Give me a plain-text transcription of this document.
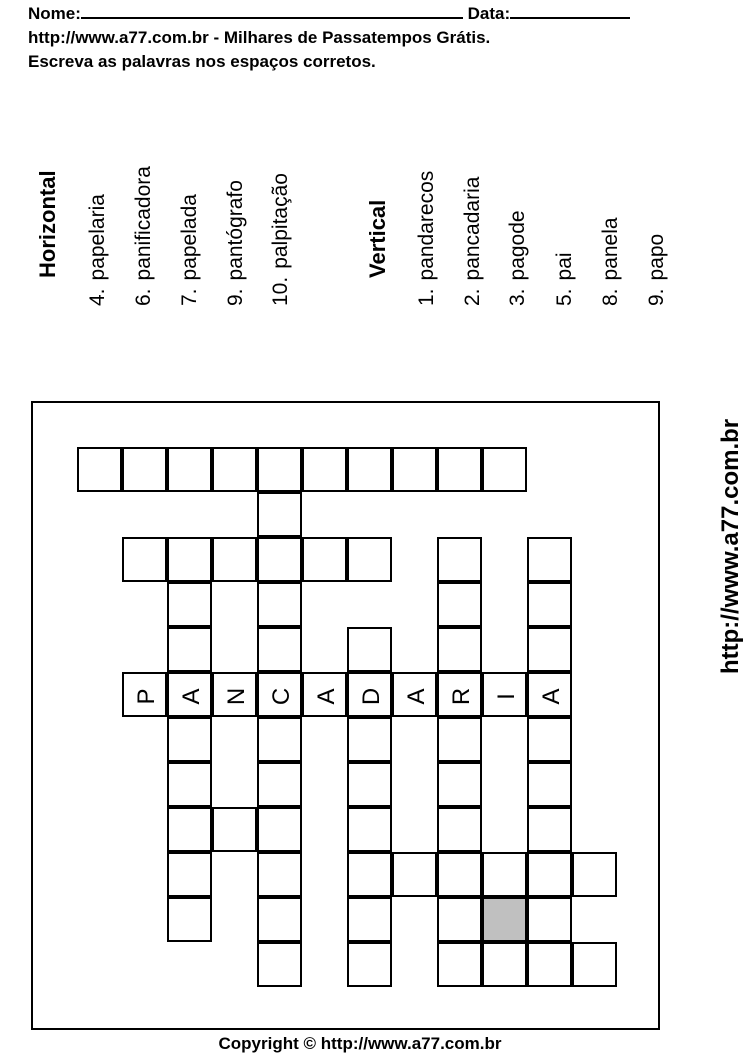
Nome:	Data:
http://www.a77.com.br - Milhares de Passatempos Grátis.
Escreva as palavras nos espaços corretos.
Horizontal
4.papelaria
6.panificadora
7.papelada
9.pantógrafo
10.palpitação	Vertical
1.pandarecos
2.pancadaria
3.pagode
5.pai
8.panela
9.papo
P A N C A D A R I A
http://www.a77.com.br
Copyright © http://www.a77.com.br
